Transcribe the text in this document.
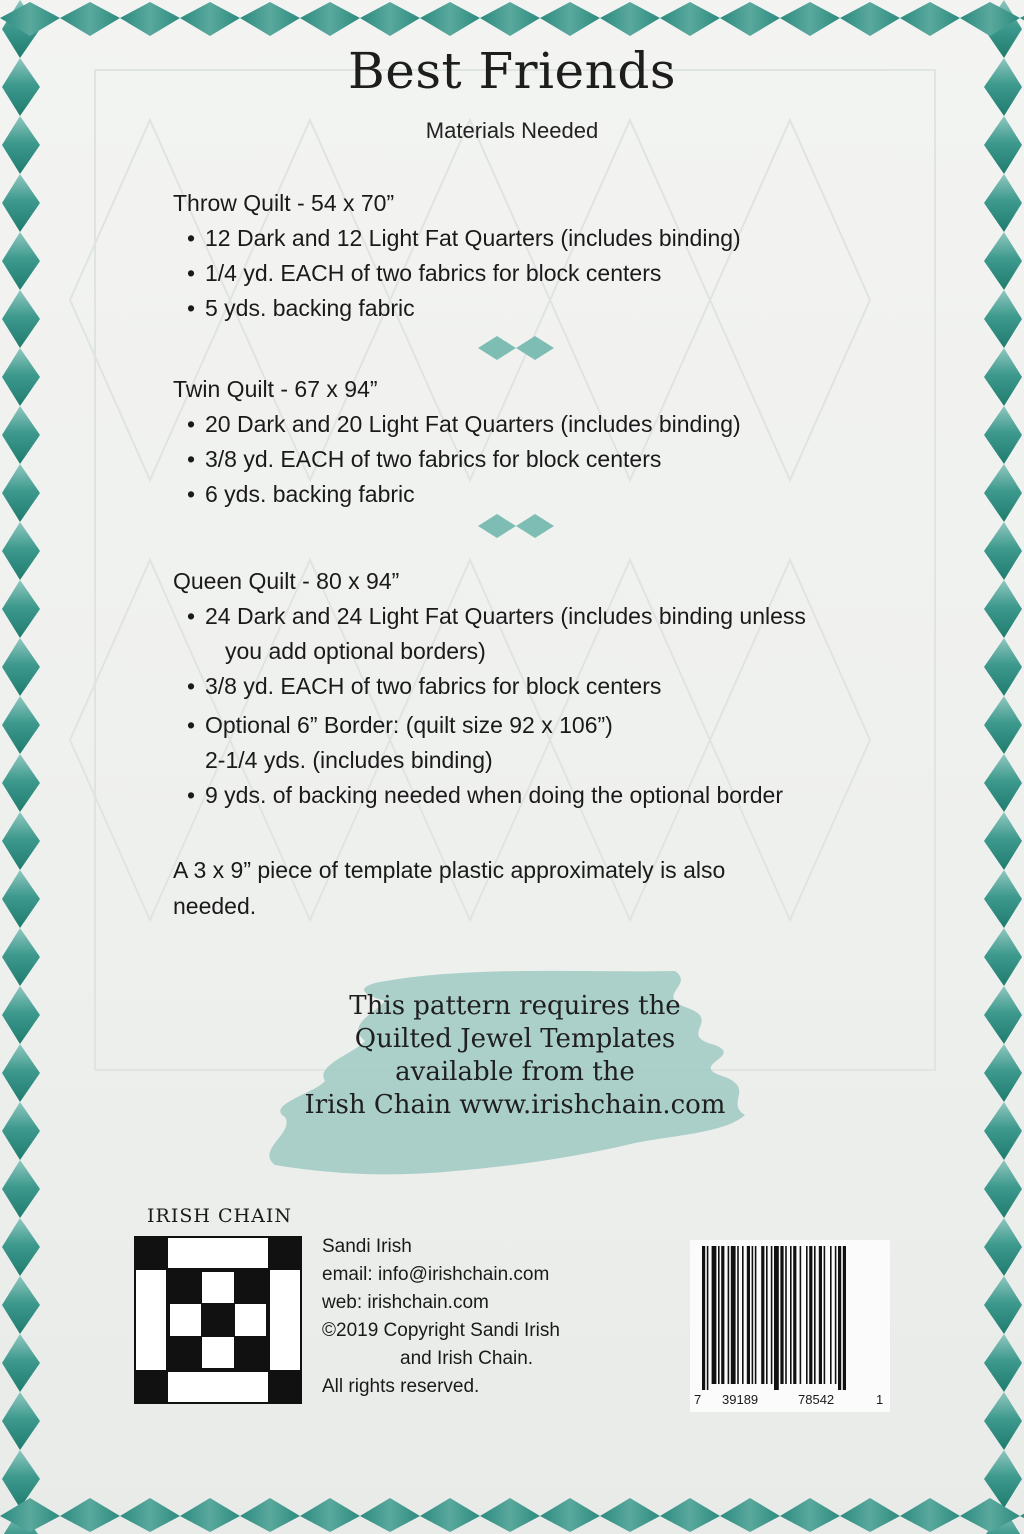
Best Friends
Materials Needed

Throw Quilt - 54 x 70”

• 12 Dark and 12 Light Fat Quarters (includes binding)
• 1/4 yd. EACH of two fabrics for block centers
• 5 yds. backing fabric

Twin Quilt - 67 x 94”

• 20 Dark and 20 Light Fat Quarters (includes binding)
• 3/8 yd. EACH of two fabrics for block centers
• 6 yds. backing fabric

Queen Quilt - 80 x 94”

• 24 Dark and 24 Light Fat Quarters (includes binding unless
you add optional borders)
• 3/8 yd. EACH of two fabrics for block centers
• Optional 6” Border: (quilt size 92 x 106”)
2-1/4 yds. (includes binding)
• 9 yds. of backing needed when doing the optional border
A 3 x 9” piece of template plastic approximately is also
needed.
This pattern requires the
Quilted Jewel Templates
available from the
Irish Chain www.irishchain.com
IRISH CHAIN
Sandi Irish
email: info@irishchain.com
web: irishchain.com
©2019 Copyright Sandi Irish
and Irish Chain.
All rights reserved.
7 39189	78542	1
